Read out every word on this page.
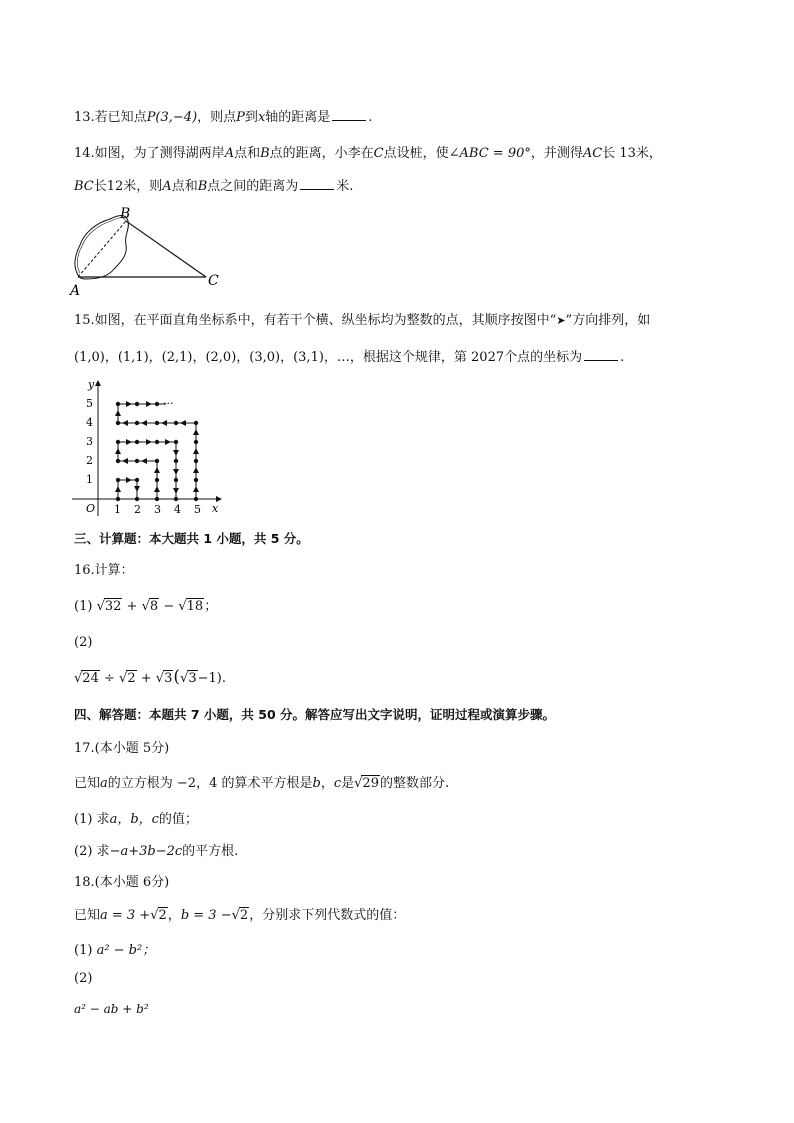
13.若已知点P(3,−4)，则点P到x轴的距离是	.
14.如图，为了测得湖两岸A点和B点的距离，小李在C点设桩，使∠ABC = 90°，并测得AC长 13米，
BC长12米，则A点和B点之间的距离为	米.
A
B
C
15.如图，在平面直角坐标系中，有若干个横、纵坐标均为整数的点，其顺序按图中“➤”方向排列，如
(1,0)，(1,1)，(2,1)，(2,0)，(3,0)，(3,1)，…，根据这个规律，第 2027个点的坐标为	.
y
x
O 1 2 3 4 5
1
2
3
4
5	···
三、计算题：本大题共 1 小题，共 5 分。
16.计算：
(1) √32 + √8 − √18；
(2)
√24 ÷ √2 + √3(√3−1).
四、解答题：本题共 7 小题，共 50 分。解答应写出文字说明，证明过程或演算步骤。
17.(本小题 5分)
已知a的立方根为 −2，4 的算术平方根是b，c是√29的整数部分.
(1) 求a，b，c的值；
(2) 求−a+3b−2c的平方根.
18.(本小题 6分)
已知a = 3 +√2，b = 3 −√2，分别求下列代数式的值：
(1) a² − b²；
(2)
a² − ab + b²
